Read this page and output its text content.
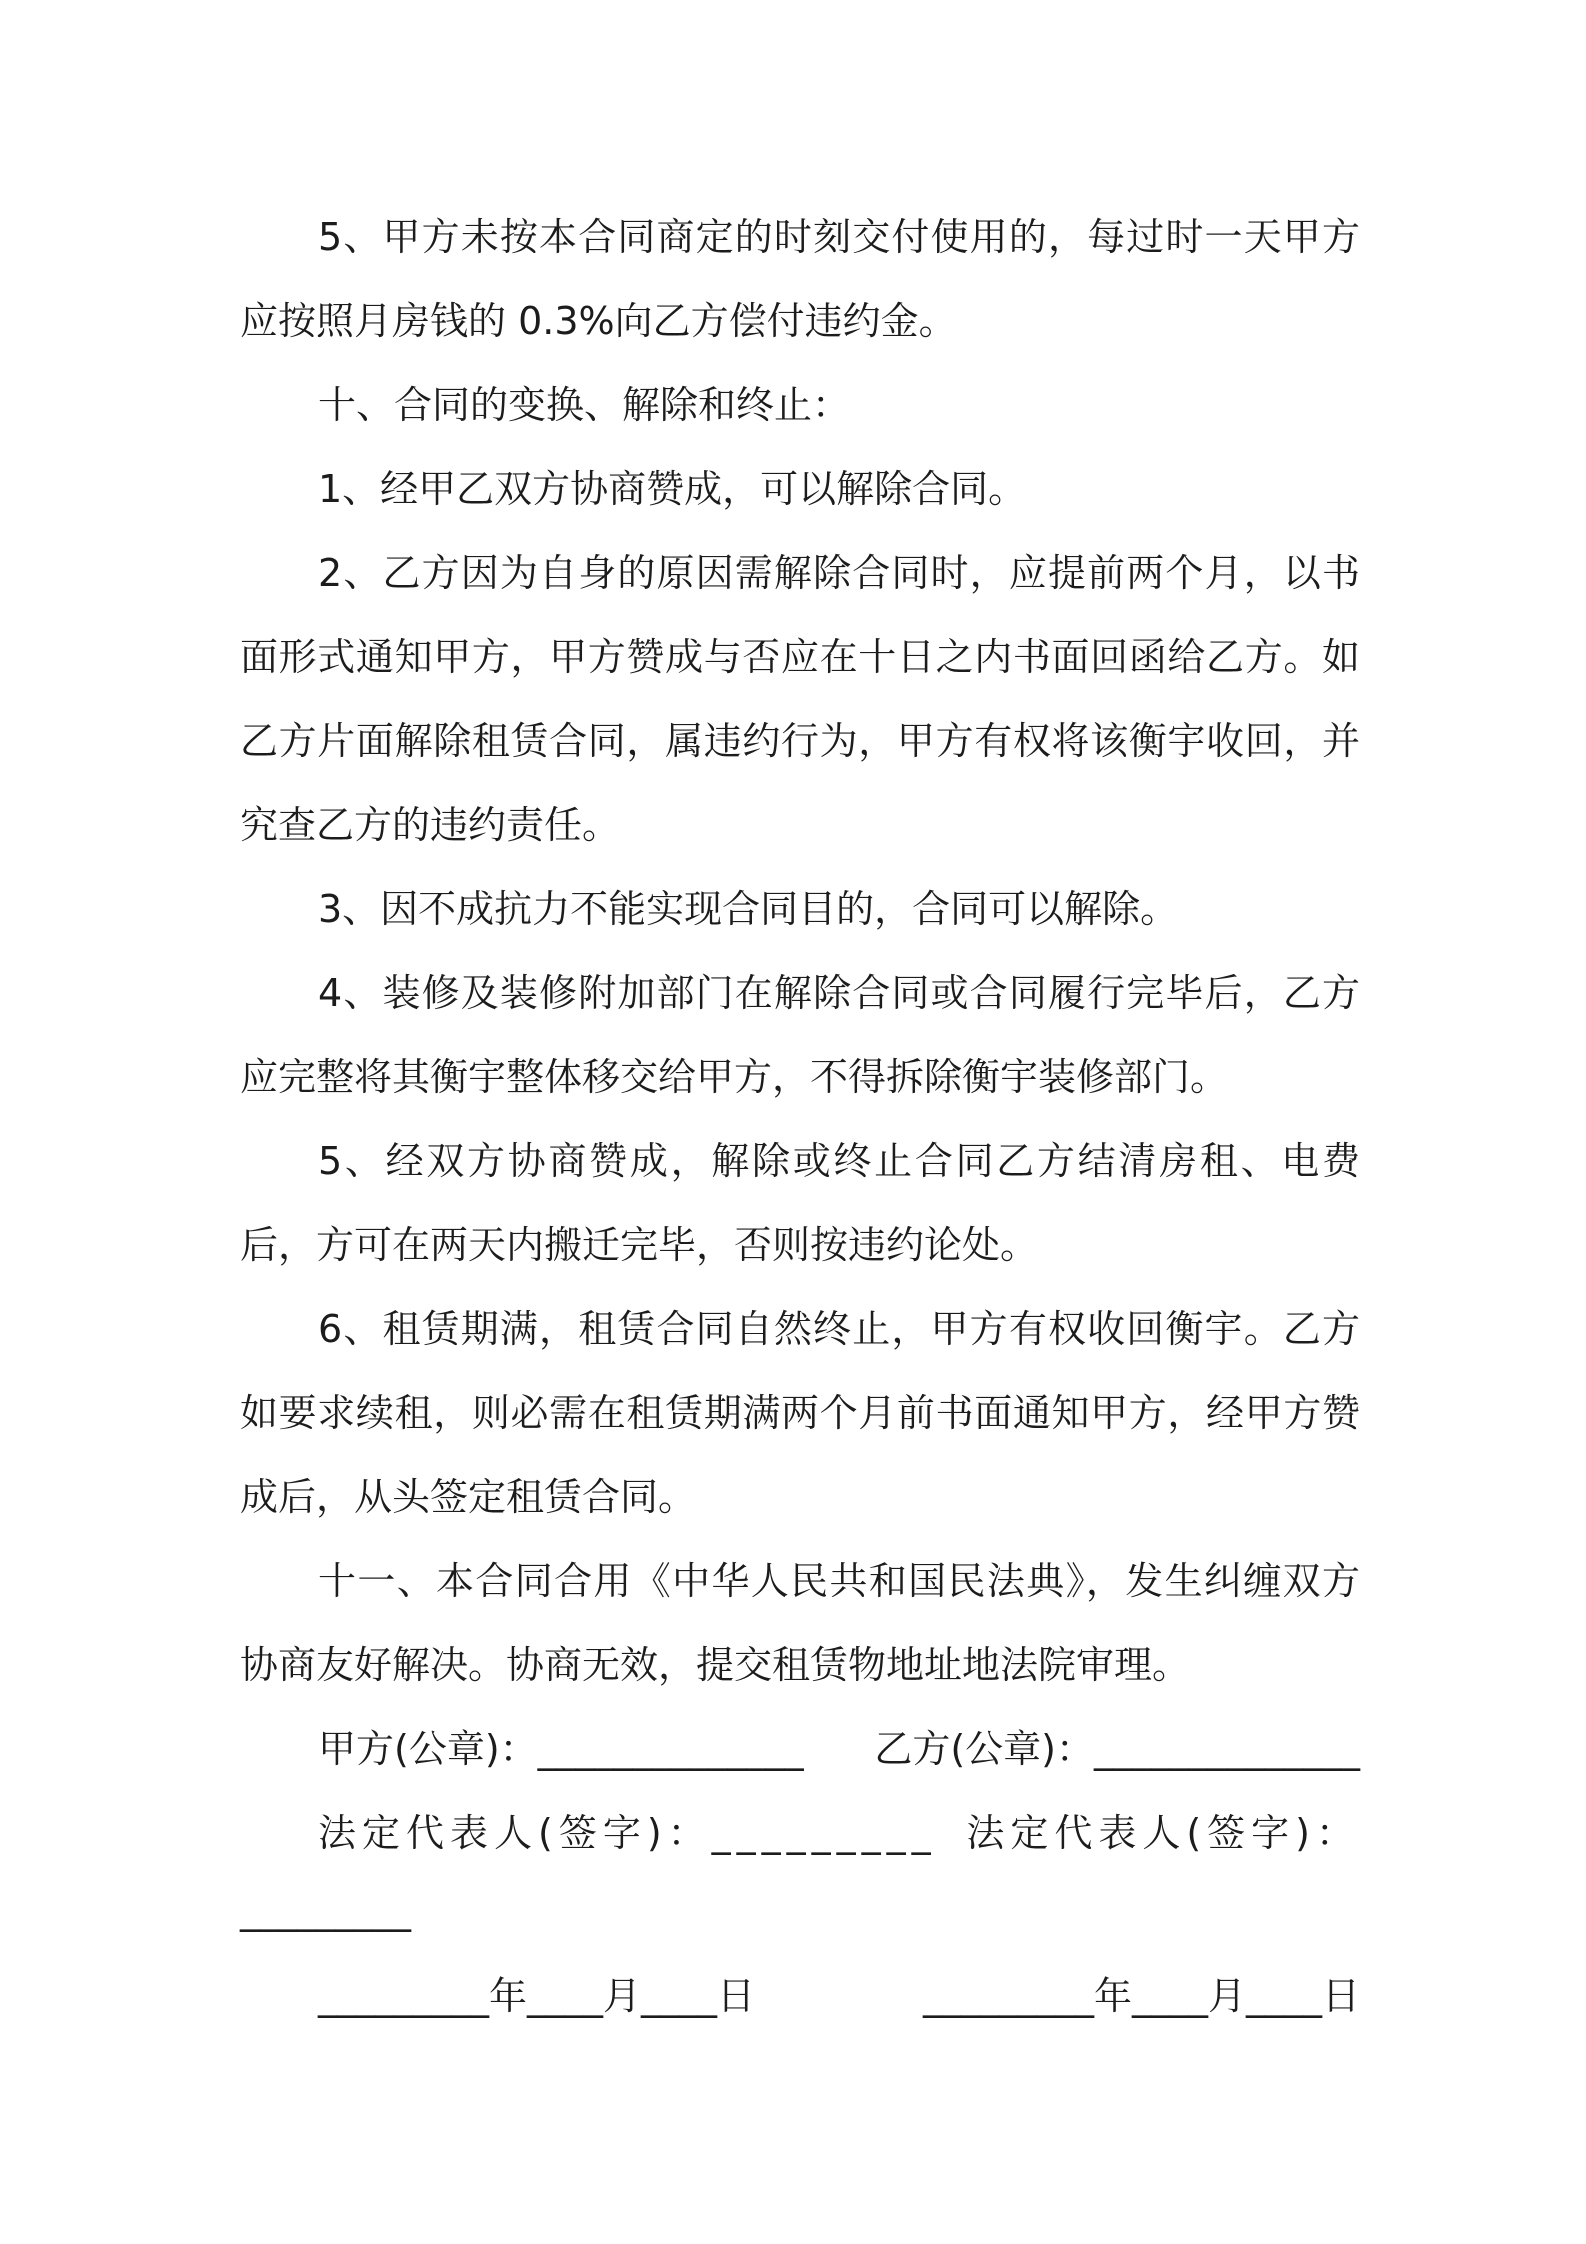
5、甲方未按本合同商定的时刻交付使用的，每过时一天甲方应按照月房钱的 0.3%向乙方偿付违约金。

十、合同的变换、解除和终止：

1、经甲乙双方协商赞成，可以解除合同。

2、乙方因为自身的原因需解除合同时，应提前两个月，以书面形式通知甲方，甲方赞成与否应在十日之内书面回函给乙方。如乙方片面解除租赁合同，属违约行为，甲方有权将该衡宇收回，并究查乙方的违约责任。

3、因不成抗力不能实现合同目的，合同可以解除。

4、装修及装修附加部门在解除合同或合同履行完毕后，乙方应完整将其衡宇整体移交给甲方，不得拆除衡宇装修部门。

5、经双方协商赞成，解除或终止合同乙方结清房租、电费后，方可在两天内搬迁完毕，否则按违约论处。

6、租赁期满，租赁合同自然终止，甲方有权收回衡宇。乙方如要求续租，则必需在租赁期满两个月前书面通知甲方，经甲方赞成后，从头签定租赁合同。

十一、本合同合用《中华人民共和国民法典》，发生纠缠双方协商友好解决。协商无效，提交租赁物地址地法院审理。

甲方(公章)：______________ 乙方(公章)：______________
法定代表人(签字)：_________ 法定代表人(签字)：

_________

_________年____月____日	_________年____月____日
